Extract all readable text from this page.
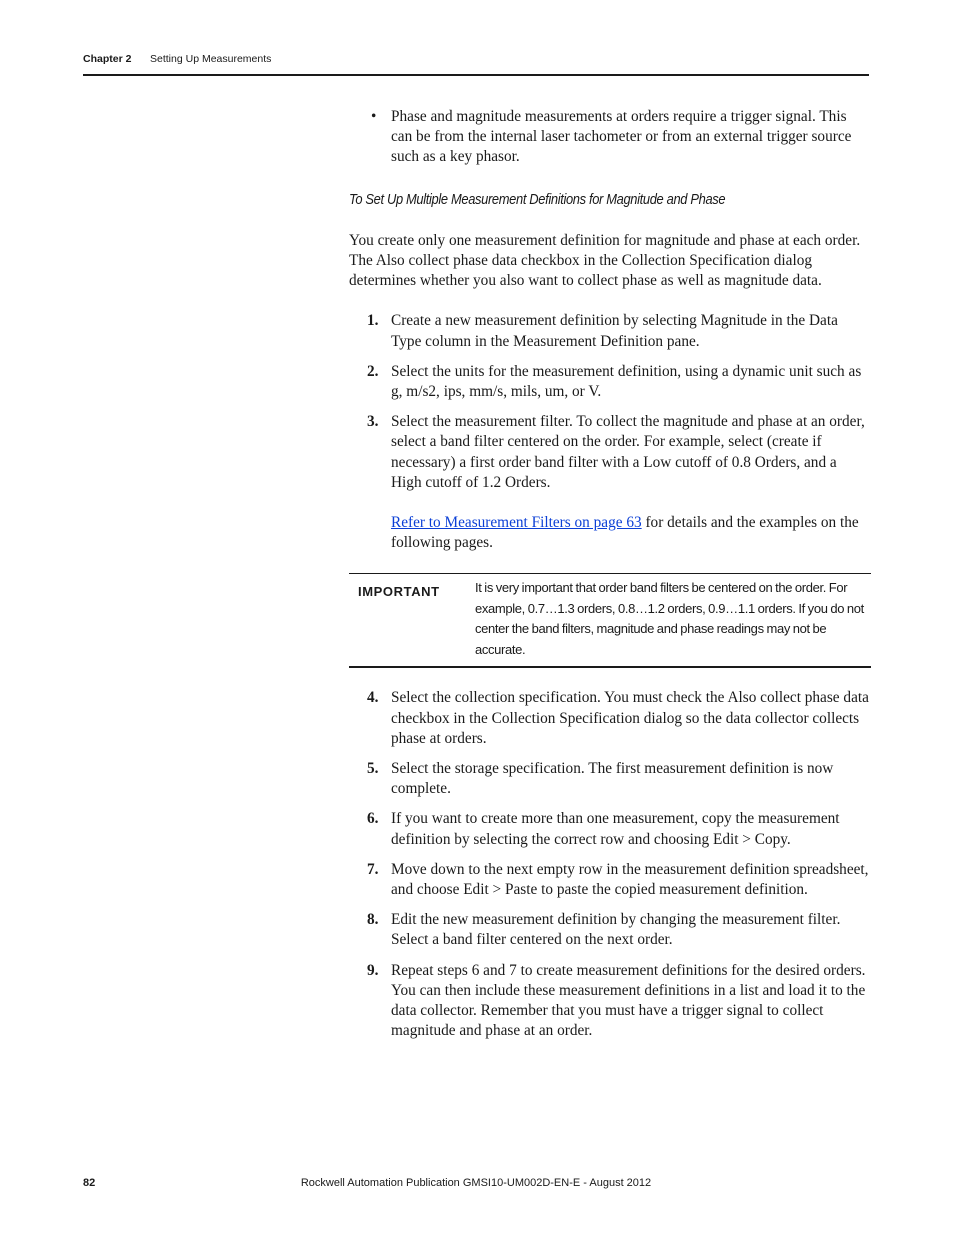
Chapter 2 Setting Up Measurements

• Phase and magnitude measurements at orders require a trigger signal. This can be from the internal laser tachometer or from an external trigger source such as a key phasor.

To Set Up Multiple Measurement Definitions for Magnitude and Phase

You create only one measurement definition for magnitude and phase at each order. The Also collect phase data checkbox in the Collection Specification dialog determines whether you also want to collect phase as well as magnitude data.

1. Create a new measurement definition by selecting Magnitude in the Data Type column in the Measurement Definition pane.
2. Select the units for the measurement definition, using a dynamic unit such as g, m/s2, ips, mm/s, mils, um, or V.
3. Select the measurement filter. To collect the magnitude and phase at an order, select a band filter centered on the order. For example, select (create if necessary) a first order band filter with a Low cutoff of 0.8 Orders, and a High cutoff of 1.2 Orders.
Refer to Measurement Filters on page 63 for details and the examples on the following pages.
IMPORTANT	It is very important that order band filters be centered on the order. For example, 0.7…1.3 orders, 0.8…1.2 orders, 0.9…1.1 orders. If you do not center the band filters, magnitude and phase readings may not be accurate.
4. Select the collection specification. You must check the Also collect phase data checkbox in the Collection Specification dialog so the data collector collects phase at orders.
5. Select the storage specification. The first measurement definition is now complete.
6. If you want to create more than one measurement, copy the measurement definition by selecting the correct row and choosing Edit > Copy.
7. Move down to the next empty row in the measurement definition spreadsheet, and choose Edit > Paste to paste the copied measurement definition.
8. Edit the new measurement definition by changing the measurement filter. Select a band filter centered on the next order.
9. Repeat steps 6 and 7 to create measurement definitions for the desired orders. You can then include these measurement definitions in a list and load it to the data collector. Remember that you must have a trigger signal to collect magnitude and phase at an order.
82	Rockwell Automation Publication GMSI10-UM002D-EN-E - August 2012
